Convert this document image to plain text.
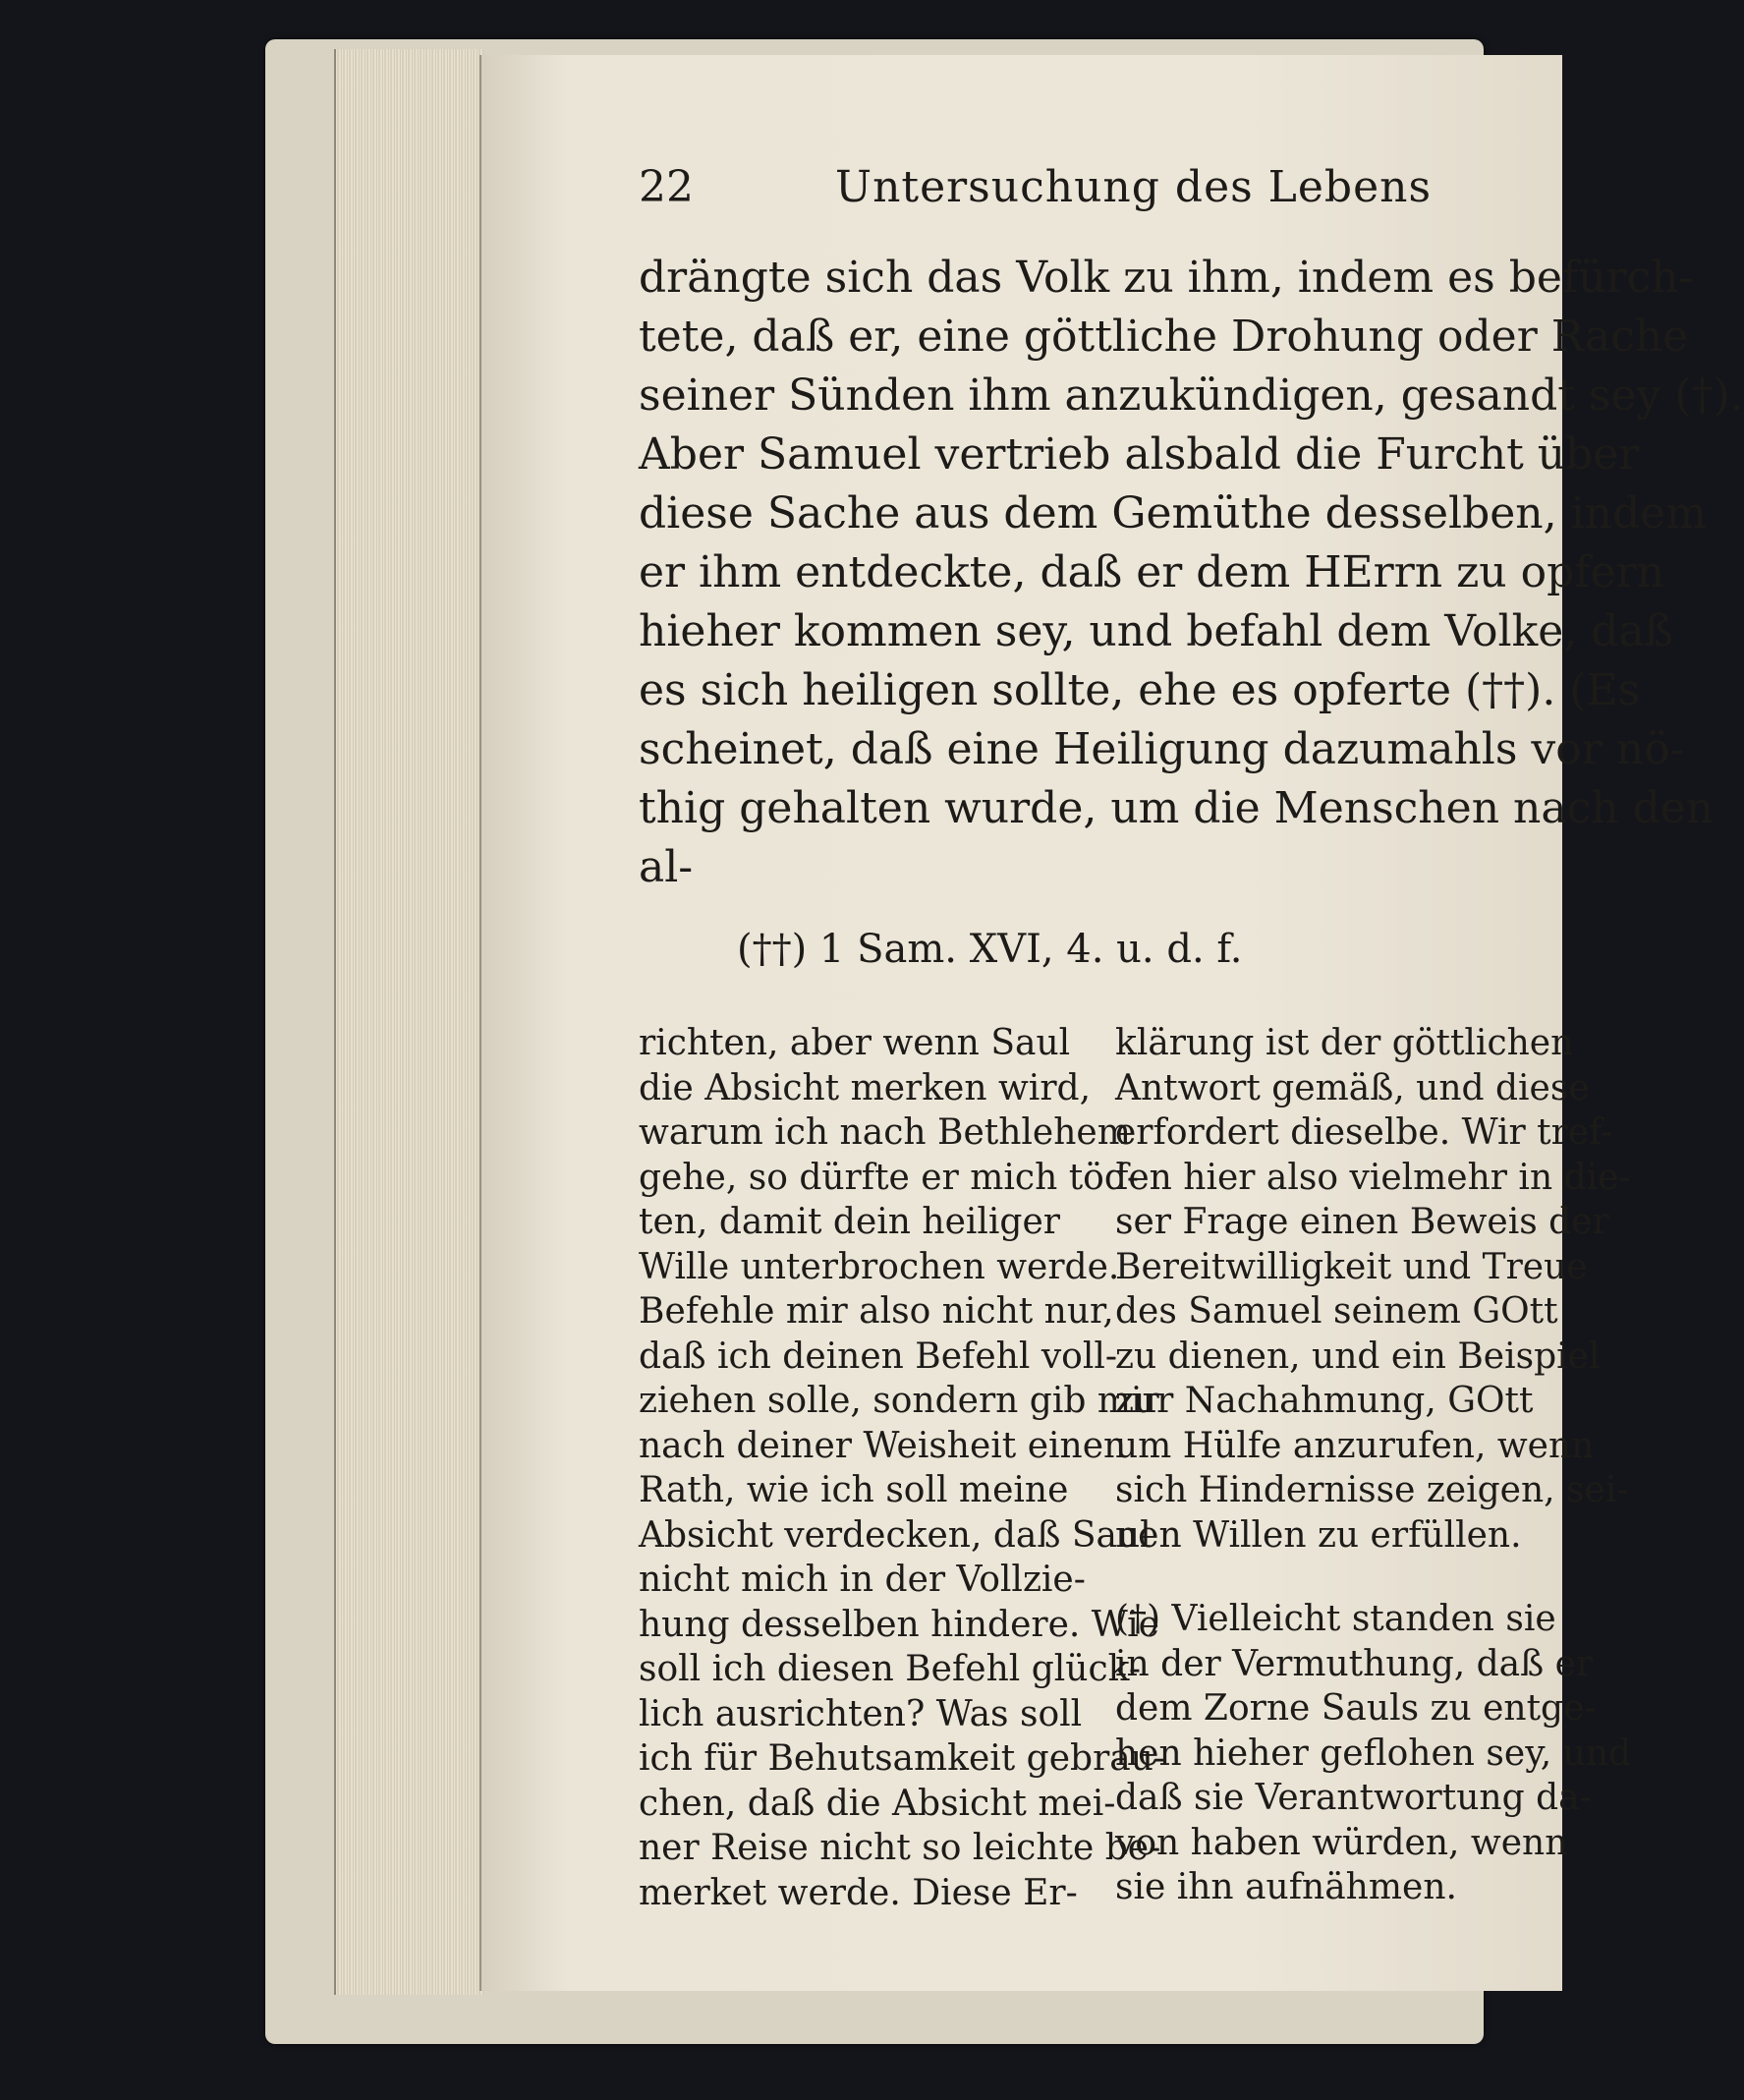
22	Untersuchung des Lebens
drängte sich das Volk zu ihm, indem es befürch-
tete, daß er, eine göttliche Drohung oder Rache
seiner Sünden ihm anzukündigen, gesandt sey (†).
Aber Samuel vertrieb alsbald die Furcht über
diese Sache aus dem Gemüthe desselben, indem
er ihm entdeckte, daß er dem HErrn zu opfern
hieher kommen sey, und befahl dem Volke, daß
es sich heiligen sollte, ehe es opferte (††). (Es
scheinet, daß eine Heiligung dazumahls vor nö-
thig gehalten wurde, um die Menschen nach den
al-
(††) 1 Sam. XVI, 4. u. d. f.
richten, aber wenn Saul
die Absicht merken wird,
warum ich nach Bethlehem
gehe, so dürfte er mich töd-
ten, damit dein heiliger
Wille unterbrochen werde.
Befehle mir also nicht nur,
daß ich deinen Befehl voll-
ziehen solle, sondern gib mir
nach deiner Weisheit einen
Rath, wie ich soll meine
Absicht verdecken, daß Saul
nicht mich in der Vollzie-
hung desselben hindere. Wie
soll ich diesen Befehl glück-
lich ausrichten? Was soll
ich für Behutsamkeit gebrau-
chen, daß die Absicht mei-
ner Reise nicht so leichte be-
merket werde. Diese Er-
klärung ist der göttlichen
Antwort gemäß, und diese
erfordert dieselbe. Wir tref-
fen hier also vielmehr in die-
ser Frage einen Beweis der
Bereitwilligkeit und Treue
des Samuel seinem GOtt
zu dienen, und ein Beispiel
zur Nachahmung, GOtt
um Hülfe anzurufen, wenn
sich Hindernisse zeigen, sei-
nen Willen zu erfüllen.
(†) Vielleicht standen sie
in der Vermuthung, daß er
dem Zorne Sauls zu entge-
hen hieher geflohen sey, und
daß sie Verantwortung da-
von haben würden, wenn
sie ihn aufnähmen.
